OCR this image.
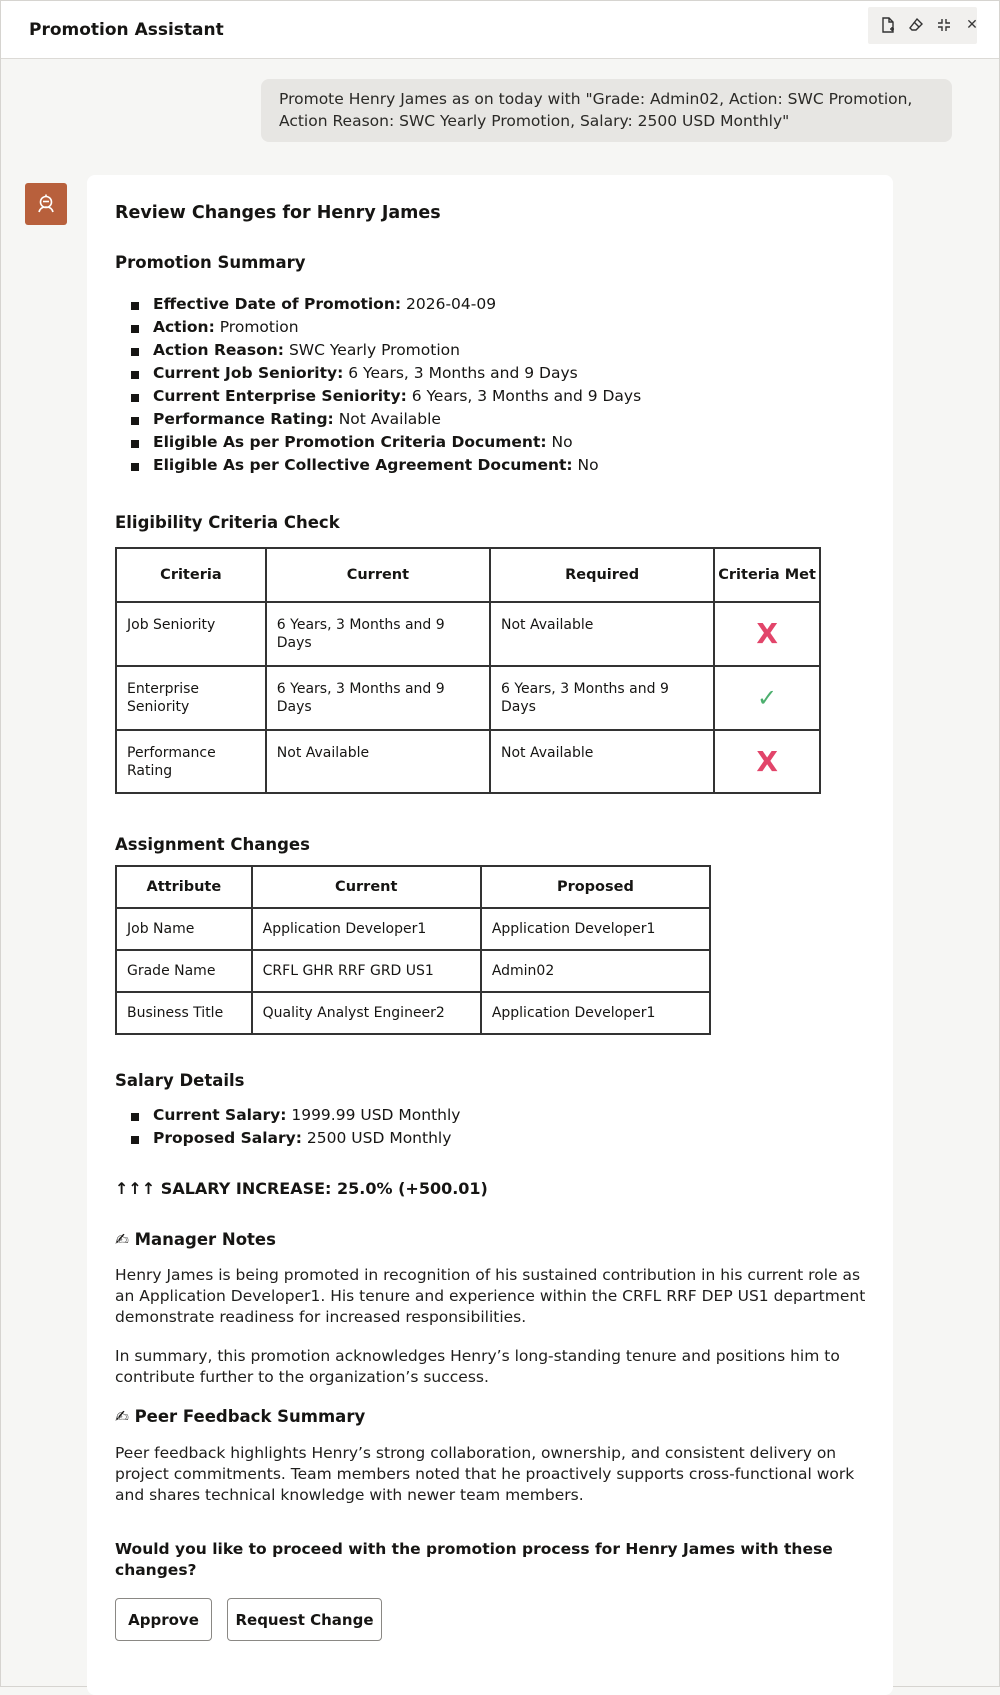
Promotion Assistant	✕
Promote Henry James as on today with "Grade: Admin02, Action: SWC Promotion, Action Reason: SWC Yearly Promotion, Salary: 2500 USD Monthly"
Review Changes for Henry James
Promotion Summary
Effective Date of Promotion: 2026-04-09
Action: Promotion
Action Reason: SWC Yearly Promotion
Current Job Seniority: 6 Years, 3 Months and 9 Days
Current Enterprise Seniority: 6 Years, 3 Months and 9 Days
Performance Rating: Not Available
Eligible As per Promotion Criteria Document: No
Eligible As per Collective Agreement Document: No
Eligibility Criteria Check
Criteria	Current	Required	Criteria Met
Job Seniority	6 Years, 3 Months and 9 Days	Not Available	X
Enterprise Seniority	6 Years, 3 Months and 9 Days	6 Years, 3 Months and 9 Days	✓
Performance Rating	Not Available	Not Available	X
Assignment Changes
Attribute	Current	Proposed
Job Name	Application Developer1	Application Developer1
Grade Name	CRFL GHR RRF GRD US1	Admin02
Business Title	Quality Analyst Engineer2	Application Developer1
Salary Details
Current Salary: 1999.99 USD Monthly
Proposed Salary: 2500 USD Monthly
↑↑↑ SALARY INCREASE: 25.0% (+500.01)
✍ Manager Notes
Henry James is being promoted in recognition of his sustained contribution in his current role as an Application Developer1. His tenure and experience within the CRFL RRF DEP US1 department demonstrate readiness for increased responsibilities.
In summary, this promotion acknowledges Henry’s long-standing tenure and positions him to contribute further to the organization’s success.
✍ Peer Feedback Summary
Peer feedback highlights Henry’s strong collaboration, ownership, and consistent delivery on project commitments. Team members noted that he proactively supports cross-functional work and shares technical knowledge with newer team members.
Would you like to proceed with the promotion process for Henry James with these changes?
Approve	Request Change
